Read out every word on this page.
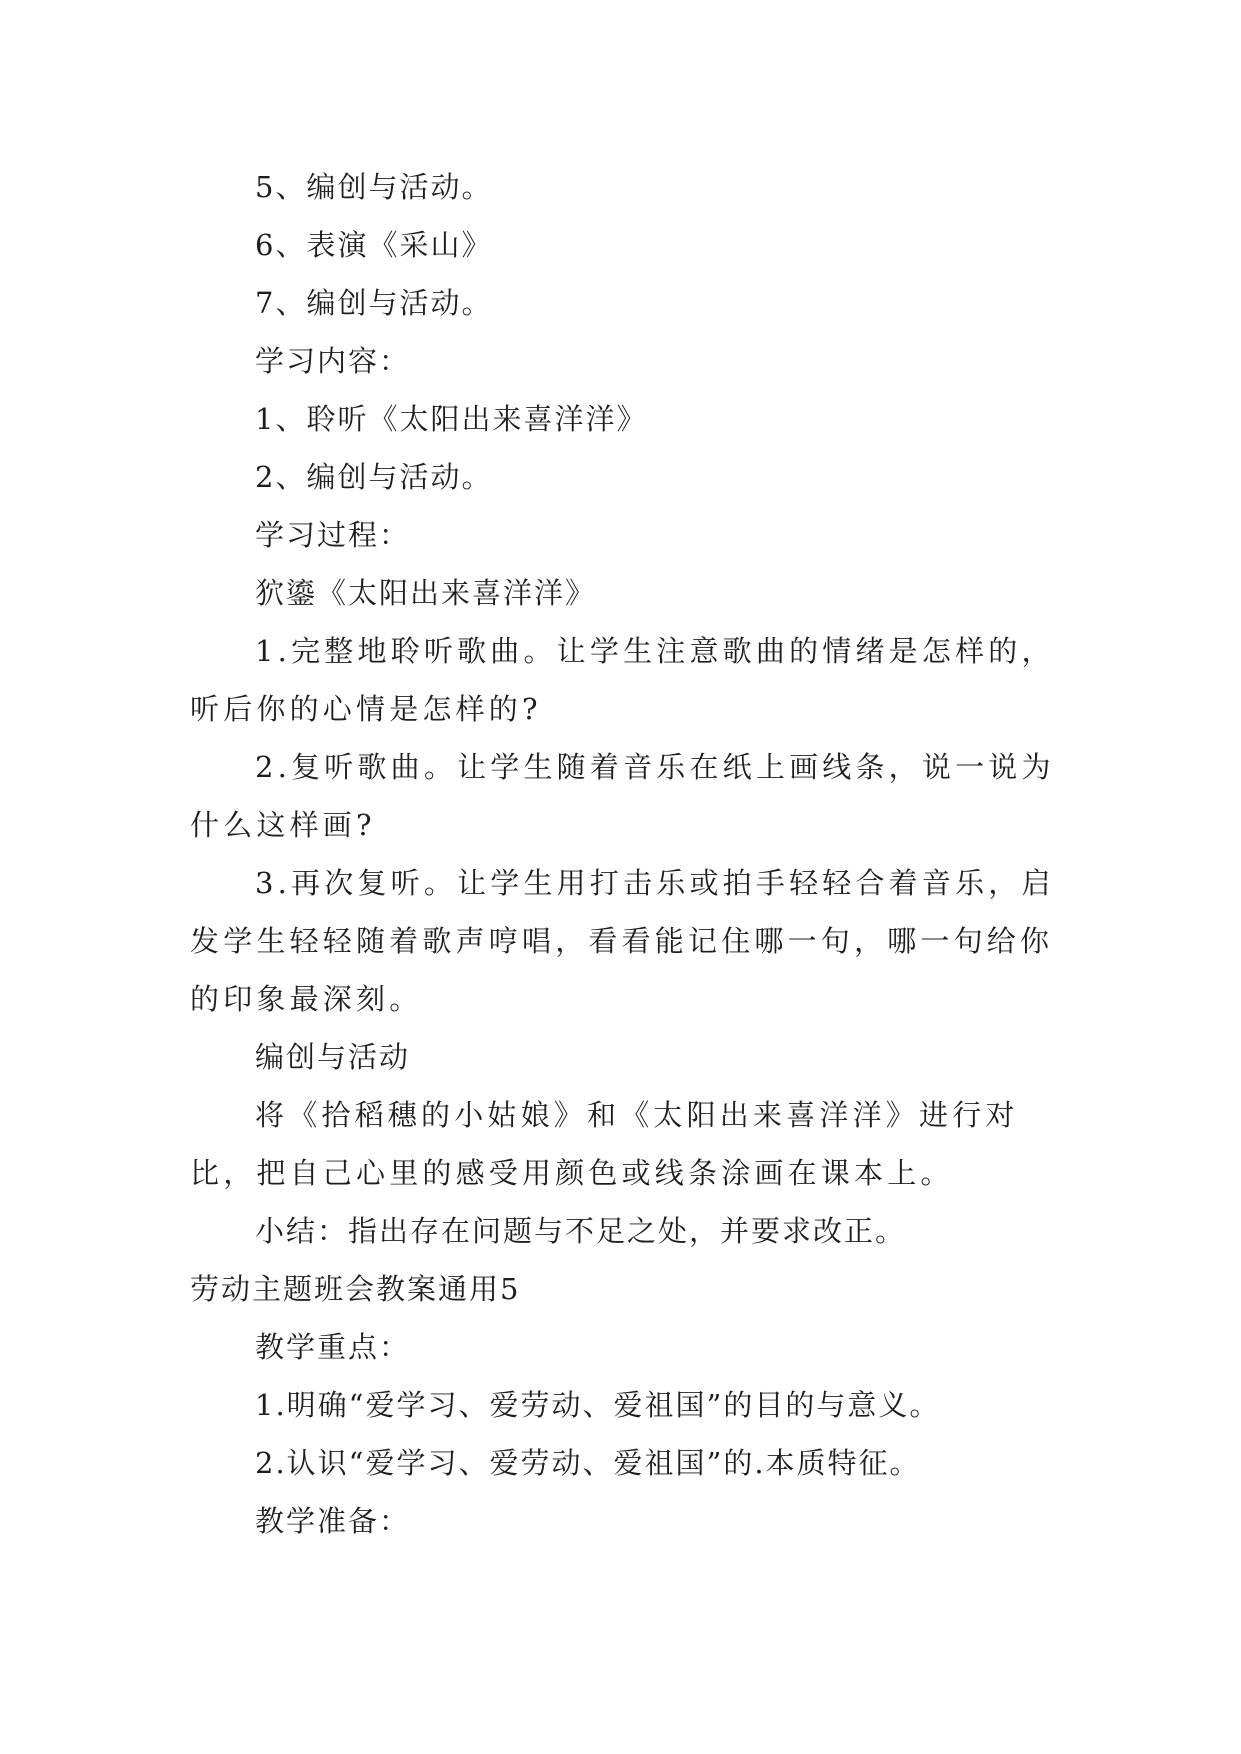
5、编创与活动。

6、表演《采山》

7、编创与活动。

学习内容：

1、聆听《太阳出来喜洋洋》

2、编创与活动。

学习过程：

狖鎏《太阳出来喜洋洋》

1.完整地聆听歌曲。让学生注意歌曲的情绪是怎样的，听后你的心情是怎样的?

2.复听歌曲。让学生随着音乐在纸上画线条，说一说为什么这样画?

3.再次复听。让学生用打击乐或拍手轻轻合着音乐，启发学生轻轻随着歌声哼唱，看看能记住哪一句，哪一句给你的印象最深刻。

编创与活动

将《拾稻穗的小姑娘》和《太阳出来喜洋洋》进行对比，把自己心里的感受用颜色或线条涂画在课本上。

小结：指出存在问题与不足之处，并要求改正。

劳动主题班会教案通用5

教学重点：

1.明确“爱学习、爱劳动、爱祖国”的目的与意义。

2.认识“爱学习、爱劳动、爱祖国”的.本质特征。

教学准备：
